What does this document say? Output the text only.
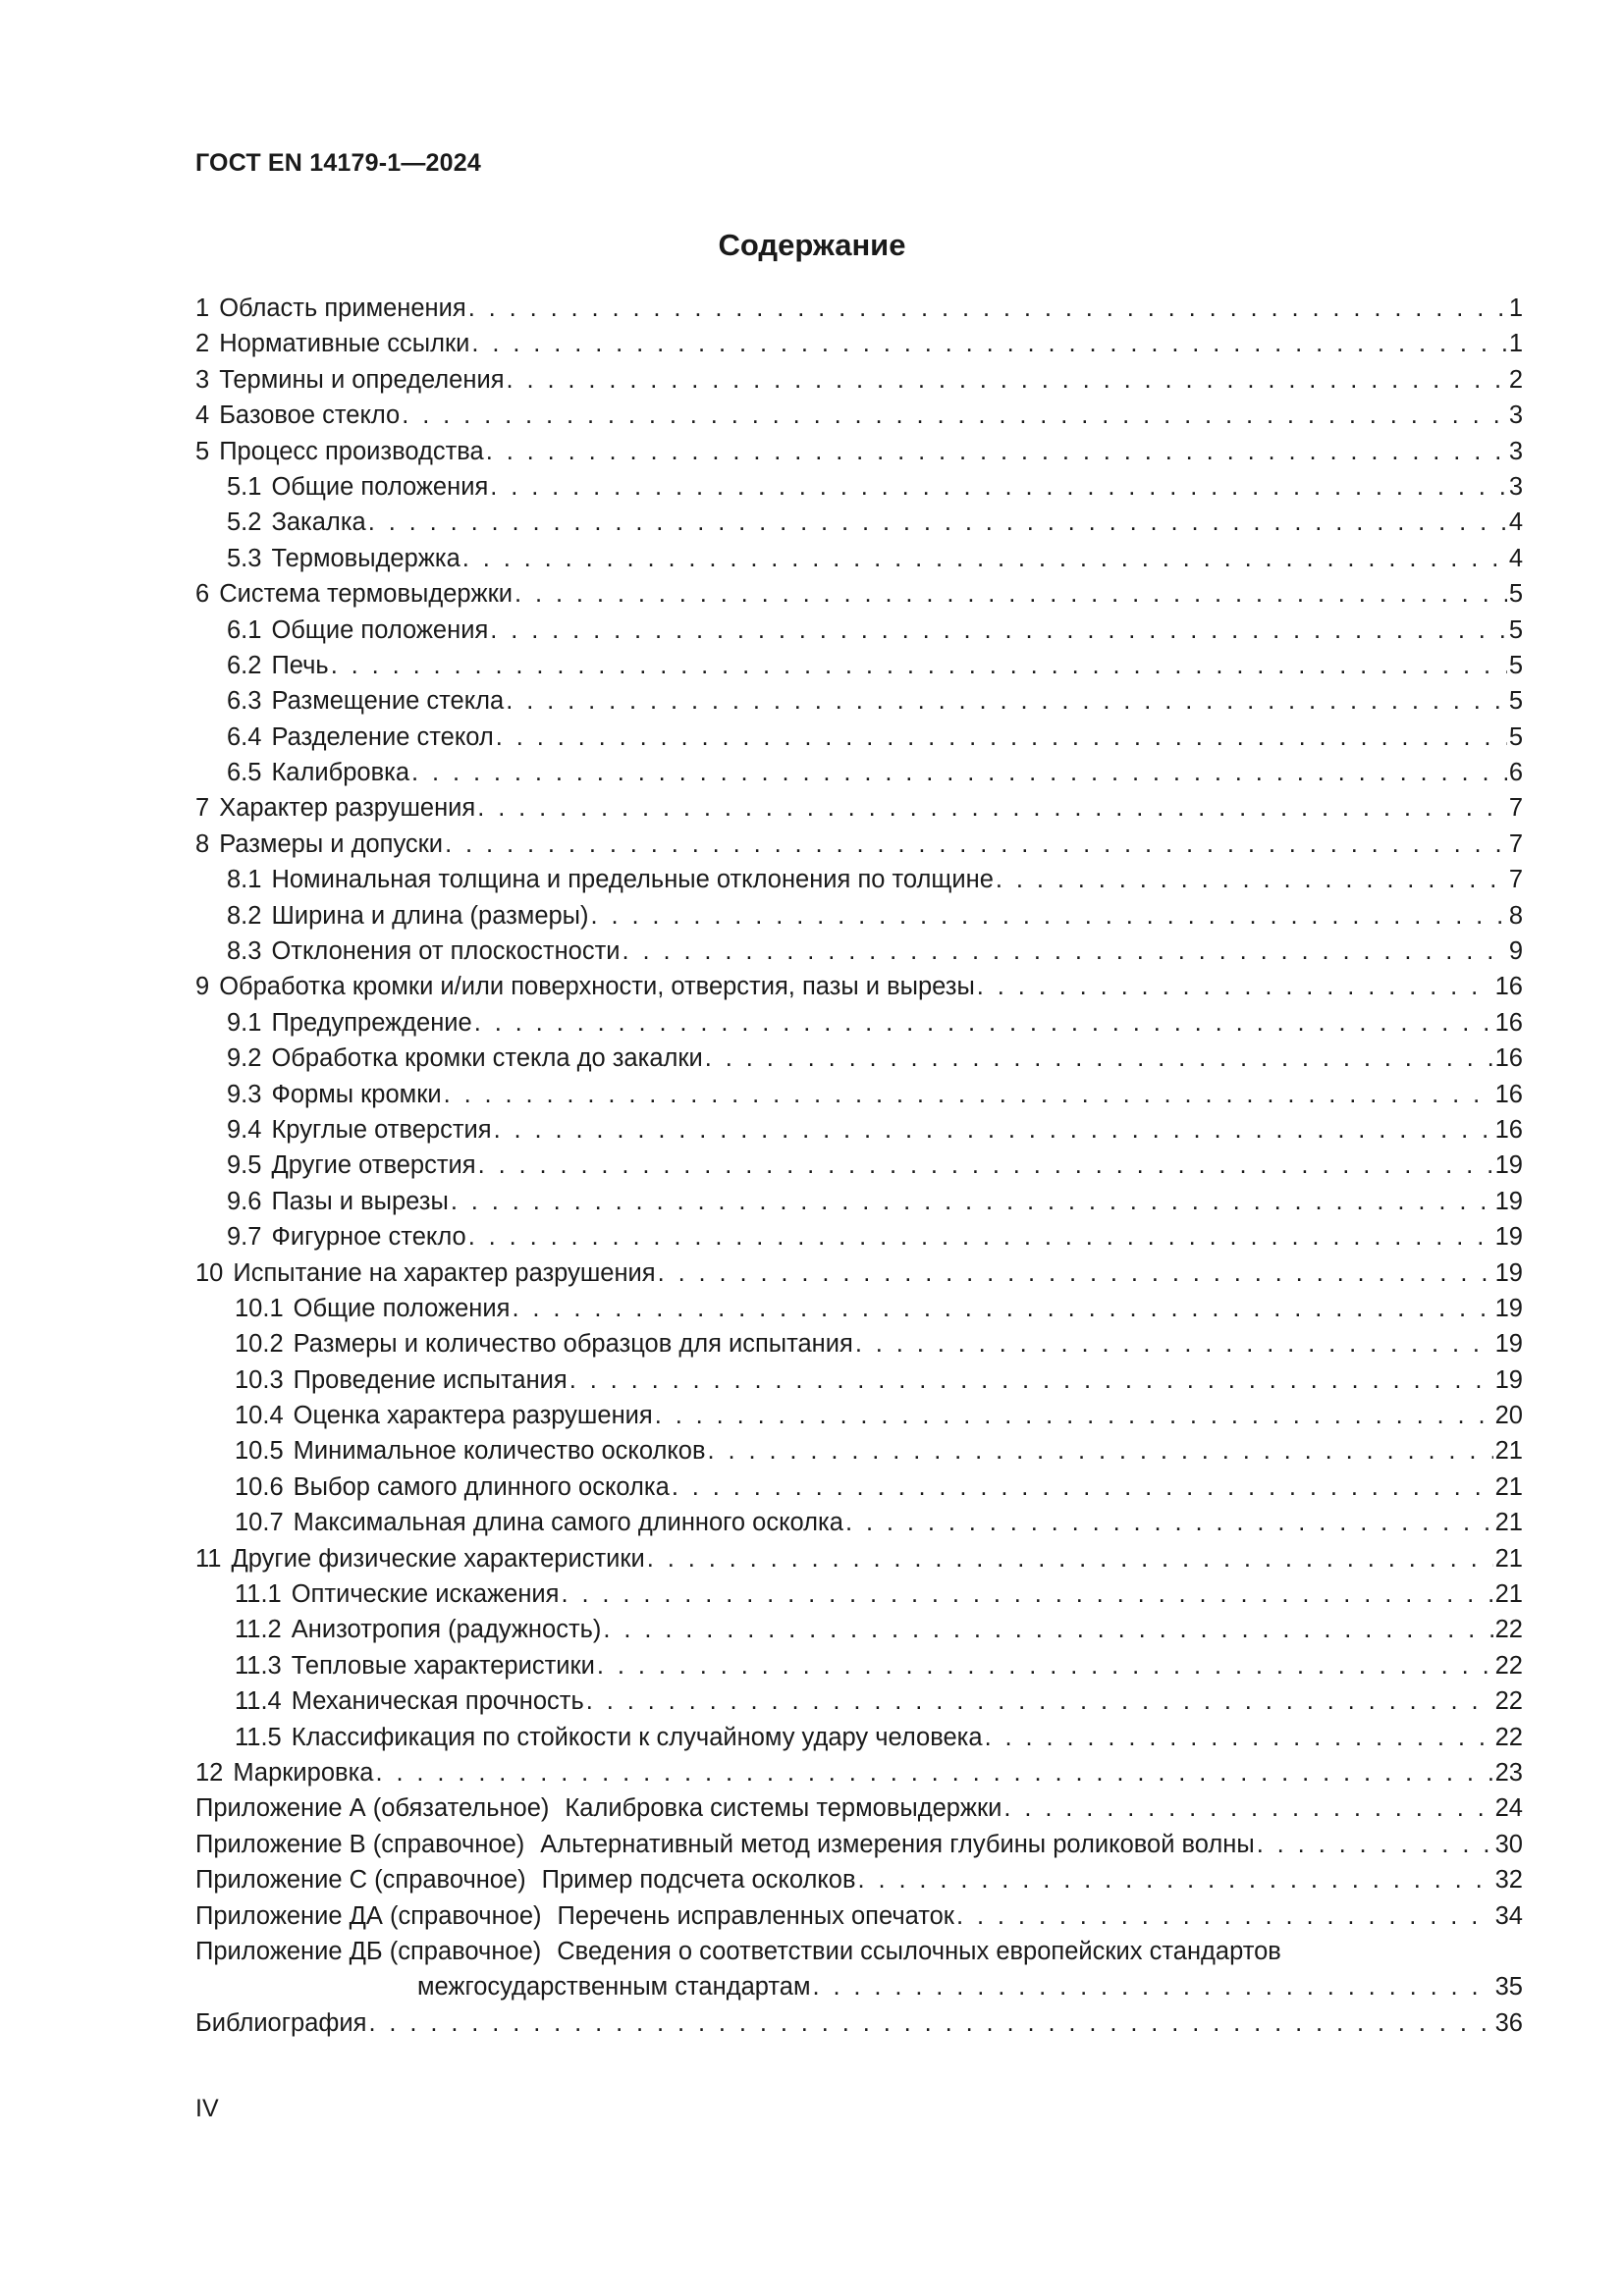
ГОСТ EN 14179-1—2024
Содержание
1 Область применения . . .	1
2 Нормативные ссылки . . .	1
3 Термины и определения . . .	2
4 Базовое стекло . . .	3
5 Процесс производства . . .	3
5.1 Общие положения . . .	3
5.2 Закалка . . .	4
5.3 Термовыдержка . . .	4
6 Система термовыдержки . . .	5
6.1 Общие положения . . .	5
6.2 Печь . . .	5
6.3 Размещение стекла . . .	5
6.4 Разделение стекол . . .	5
6.5 Калибровка . . .	6
7 Характер разрушения . . .	7
8 Размеры и допуски . . .	7
8.1 Номинальная толщина и предельные отклонения по толщине . . .	7
8.2 Ширина и длина (размеры) . . .	8
8.3 Отклонения от плоскостности . . .	9
9 Обработка кромки и/или поверхности, отверстия, пазы и вырезы . . .	16
9.1 Предупреждение . . .	16
9.2 Обработка кромки стекла до закалки . . .	16
9.3 Формы кромки . . .	16
9.4 Круглые отверстия . . .	16
9.5 Другие отверстия . . .	19
9.6 Пазы и вырезы . . .	19
9.7 Фигурное стекло . . .	19
10 Испытание на характер разрушения . . .	19
10.1 Общие положения . . .	19
10.2 Размеры и количество образцов для испытания . . .	19
10.3 Проведение испытания . . .	19
10.4 Оценка характера разрушения . . .	20
10.5 Минимальное количество осколков . . .	21
10.6 Выбор самого длинного осколка . . .	21
10.7 Максимальная длина самого длинного осколка . . .	21
11 Другие физические характеристики . . .	21
11.1 Оптические искажения . . .	21
11.2 Анизотропия (радужность) . . .	22
11.3 Тепловые характеристики . . .	22
11.4 Механическая прочность . . .	22
11.5 Классификация по стойкости к случайному удару человека . . .	22
12 Маркировка . . .	23
Приложение А (обязательное) Калибровка системы термовыдержки . . .	24
Приложение В (справочное) Альтернативный метод измерения глубины роликовой волны . . .	30
Приложение С (справочное) Пример подсчета осколков . . .	32
Приложение ДА (справочное) Перечень исправленных опечаток . . .	34
Приложение ДБ (справочное) Сведения о соответствии ссылочных европейских стандартов
межгосударственным стандартам . . .	35
Библиография . . .	36
IV
